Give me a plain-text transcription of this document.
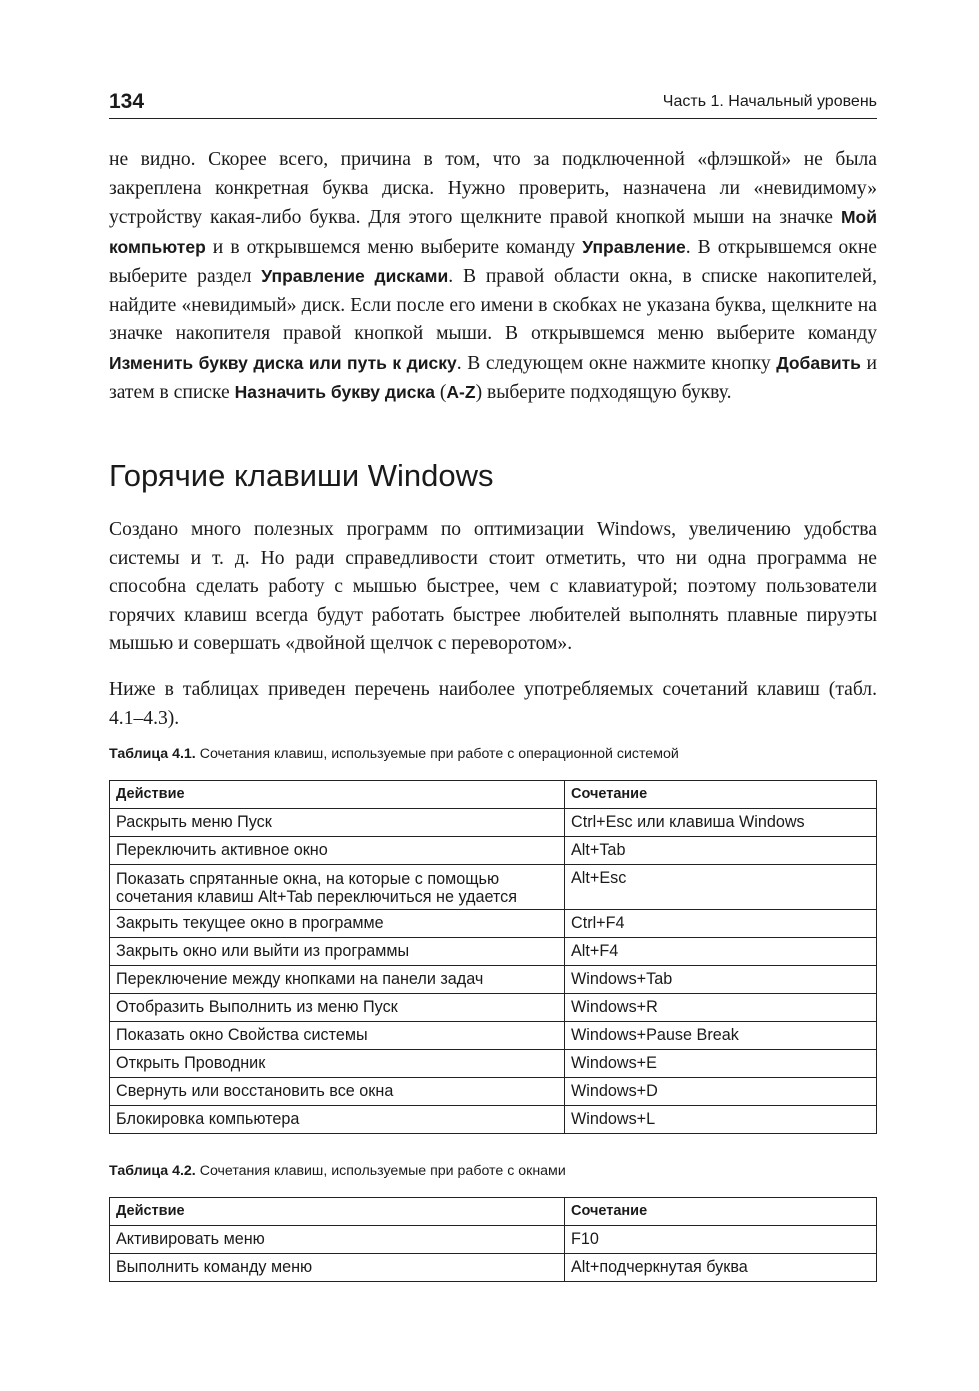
134	Часть 1. Начальный уровень

не видно. Скорее всего, причина в том, что за подключенной «флэшкой» не была закреплена конкретная буква диска. Нужно проверить, назначена ли «невидимому» устройству какая-либо буква. Для этого щелкните правой кнопкой мыши на значке Мой компьютер и в открывшемся меню выберите команду Управление. В открывшемся окне выберите раздел Управление дисками. В правой области окна, в списке накопителей, найдите «невидимый» диск. Если после его имени в скобках не указана буква, щелкните на значке накопителя правой кнопкой мыши. В открывшемся меню выберите команду Изменить букву диска или путь к диску. В следующем окне нажмите кнопку Добавить и затем в списке Назначить букву диска (A-Z) выберите подходящую букву.

Горячие клавиши Windows

Создано много полезных программ по оптимизации Windows, увеличению удобства системы и т. д. Но ради справедливости стоит отметить, что ни одна программа не способна сделать работу с мышью быстрее, чем с клавиатурой; поэтому пользователи горячих клавиш всегда будут работать быстрее любителей выполнять плавные пируэты мышью и совершать «двойной щелчок с переворотом».

Ниже в таблицах приведен перечень наиболее употребляемых сочетаний клавиш (табл. 4.1–4.3).

Таблица 4.1. Сочетания клавиш, используемые при работе с операционной системой

Действие	Сочетание
Раскрыть меню Пуск	Ctrl+Esc или клавиша Windows
Переключить активное окно	Alt+Tab
Показать спрятанные окна, на которые с помощью сочетания клавиш Alt+Tab переключиться не удается	Alt+Esc
Закрыть текущее окно в программе	Ctrl+F4
Закрыть окно или выйти из программы	Alt+F4
Переключение между кнопками на панели задач	Windows+Tab
Отобразить Выполнить из меню Пуск	Windows+R
Показать окно Свойства системы	Windows+Pause Break
Открыть Проводник	Windows+E
Свернуть или восстановить все окна	Windows+D
Блокировка компьютера	Windows+L

Таблица 4.2. Сочетания клавиш, используемые при работе с окнами

Действие	Сочетание
Активировать меню	F10
Выполнить команду меню	Alt+подчеркнутая буква
